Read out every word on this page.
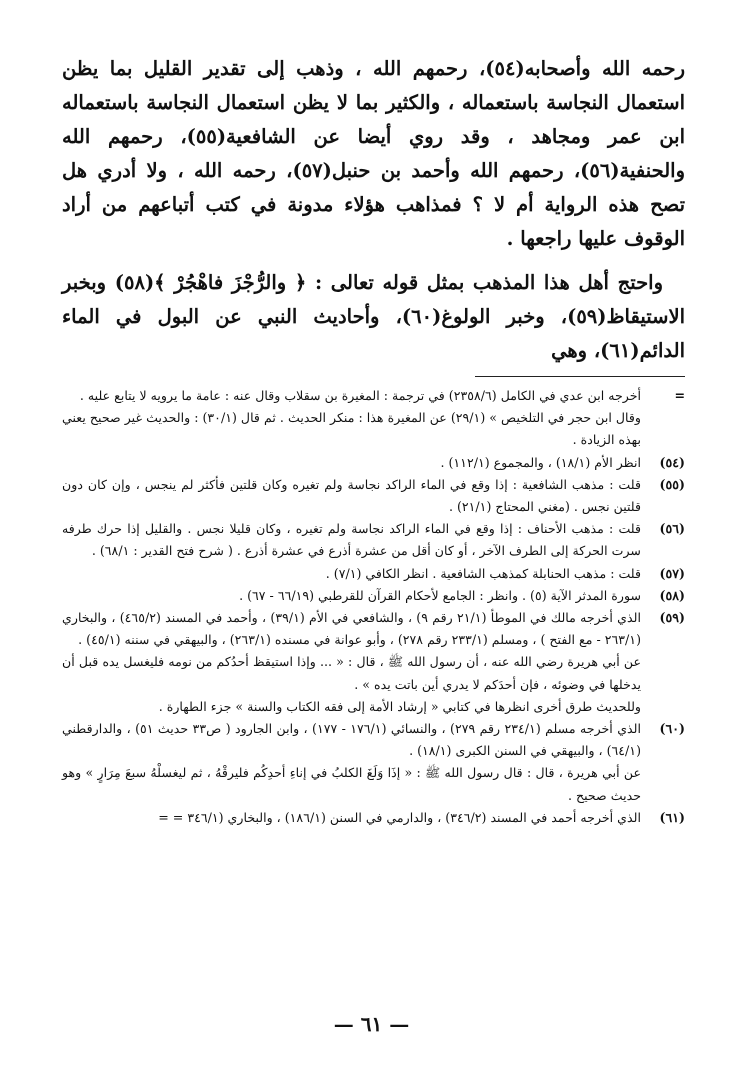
رحمه الله وأصحابه(٥٤)، رحمهم الله ، وذهب إلى تقدير القليل بما يظن استعمال النجاسة باستعماله ، والكثير بما لا يظن استعمال النجاسة باستعماله ابن عمر ومجاهد ، وقد روي أيضا عن الشافعية(٥٥)، رحمهم الله والحنفية(٥٦)، رحمهم الله وأحمد بن حنبل(٥٧)، رحمه الله ، ولا أدري هل تصح هذه الرواية أم لا ؟ فمذاهب هؤلاء مدونة في كتب أتباعهم من أراد الوقوف عليها راجعها .

واحتج أهل هذا المذهب بمثل قوله تعالى : ﴿ والرُّجْزَ فاهْجُرْ ﴾(٥٨) وبخبر الاستيقاظ(٥٩)، وخبر الولوغ(٦٠)، وأحاديث النبي عن البول في الماء الدائم(٦١)، وهي

=
أخرجه ابن عدي في الكامل (٢٣٥٨/٦) في ترجمة : المغيرة بن سقلاب وقال عنه : عامة ما يرويه لا يتابع عليه .
وقال ابن حجر في التلخيص » (٢٩/١) عن المغيرة هذا : منكر الحديث . ثم قال (٣٠/١) : والحديث غير صحيح يعني بهذه الزيادة .
(٥٤)
انظر الأم (١٨/١) ، والمجموع (١١٢/١) .
(٥٥)
قلت : مذهب الشافعية : إذا وقع في الماء الراكد نجاسة ولم تغيره وكان قلتين فأكثر لم ينجس ، وإن كان دون قلتين نجس . (مغني المحتاج (٢١/١) .
(٥٦)
قلت : مذهب الأحناف : إذا وقع في الماء الراكد نجاسة ولم تغيره ، وكان قليلا نجس . والقليل إذا حرك طرفه سرت الحركة إلى الطرف الآخر ، أو كان أقل من عشرة أذرع في عشرة أذرع . ( شرح فتح القدير : ٦٨/١) .
(٥٧)
قلت : مذهب الحنابلة كمذهب الشافعية . انظر الكافي (٧/١) .
(٥٨)
سورة المدثر الآية (٥) . وانظر : الجامع لأحكام القرآن للقرطبي (٦٦/١٩ - ٦٧) .
(٥٩)
الذي أخرجه مالك في الموطأ (٢١/١ رقم ٩) ، والشافعي في الأم (٣٩/١) ، وأحمد في المسند (٤٦٥/٢) ، والبخاري (٢٦٣/١ - مع الفتح ) ، ومسلم (٢٣٣/١ رقم ٢٧٨) ، وأبو عوانة في مسنده (٢٦٣/١) ، والبيهقي في سننه (٤٥/١) .
عن أبي هريرة رضي الله عنه ، أن رسول الله ﷺ ، قال : « ... وإذا استيقظ أحدُكم من نومه فليغسل يده قبل أن يدخلها في وضوئه ، فإن أحدَكم لا يدري أين باتت يده » .
وللحديث طرق أخرى انظرها في كتابي « إرشاد الأمة إلى فقه الكتاب والسنة » جزء الطهارة .
(٦٠)
الذي أخرجه مسلم (٢٣٤/١ رقم ٢٧٩) ، والنسائي (١٧٦/١ - ١٧٧) ، وابن الجارود ( ص٣٣ حديث ٥١) ، والدارقطني (٦٤/١) ، والبيهقي في السنن الكبرى (١٨/١) .
عن أبي هريرة ، قال : قال رسول الله ﷺ : « إذَا وَلَغَ الكلبُ في إناءِ أحدِكُم فليرقْهُ ، ثم ليغسلْهُ سبعَ مِرَارٍ » وهو حديث صحيح .
(٦١)
الذي أخرجه أحمد في المسند (٣٤٦/٢) ، والدارمي في السنن (١٨٦/١) ، والبخاري (٣٤٦/١ = =
— ٦١ —
